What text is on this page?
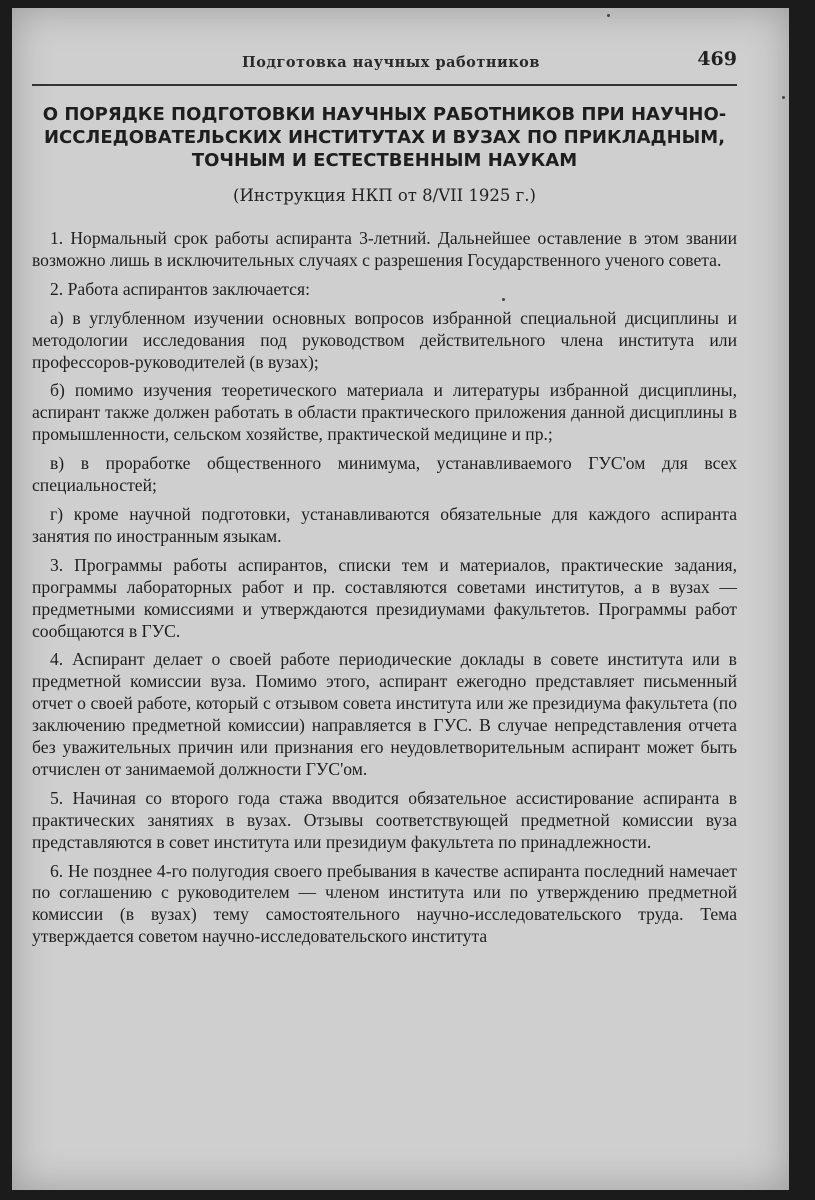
Подготовка научных работников	469
О ПОРЯДКЕ ПОДГОТОВКИ НАУЧНЫХ РАБОТНИКОВ ПРИ НАУЧНО-ИССЛЕДОВАТЕЛЬСКИХ ИНСТИТУТАХ И ВУЗАХ ПО ПРИКЛАДНЫМ, ТОЧНЫМ И ЕСТЕСТВЕННЫМ НАУКАМ

(Инструкция НКП от 8/VII 1925 г.)

1. Нормальный срок работы аспиранта 3-летний. Дальнейшее оставление в этом звании возможно лишь в исключительных случаях с разрешения Государственного ученого совета.

2. Работа аспирантов заключается:

а) в углубленном изучении основных вопросов избранной специальной дисциплины и методологии исследования под руководством действительного члена института или профессоров-руководителей (в вузах);

б) помимо изучения теоретического материала и литературы избранной дисциплины, аспирант также должен работать в области практического приложения данной дисциплины в промышленности, сельском хозяйстве, практической медицине и пр.;

в) в проработке общественного минимума, устанавливаемого ГУС'ом для всех специальностей;

г) кроме научной подготовки, устанавливаются обязательные для каждого аспиранта занятия по иностранным языкам.

3. Программы работы аспирантов, списки тем и материалов, практические задания, программы лабораторных работ и пр. составляются советами институтов, а в вузах — предметными комиссиями и утверждаются президиумами факультетов. Программы работ сообщаются в ГУС.

4. Аспирант делает о своей работе периодические доклады в совете института или в предметной комиссии вуза. Помимо этого, аспирант ежегодно представляет письменный отчет о своей работе, который с отзывом совета института или же президиума факультета (по заключению предметной комиссии) направляется в ГУС. В случае непредставления отчета без уважительных причин или признания его неудовлетворительным аспирант может быть отчислен от занимаемой должности ГУС'ом.

5. Начиная со второго года стажа вводится обязательное ассистирование аспиранта в практических занятиях в вузах. Отзывы соответствующей предметной комиссии вуза представляются в совет института или президиум факультета по принадлежности.

6. Не позднее 4-го полугодия своего пребывания в качестве аспиранта последний намечает по соглашению с руководителем — членом института или по утверждению предметной комиссии (в вузах) тему самостоятельного научно-исследовательского труда. Тема утверждается советом научно-исследовательского института
